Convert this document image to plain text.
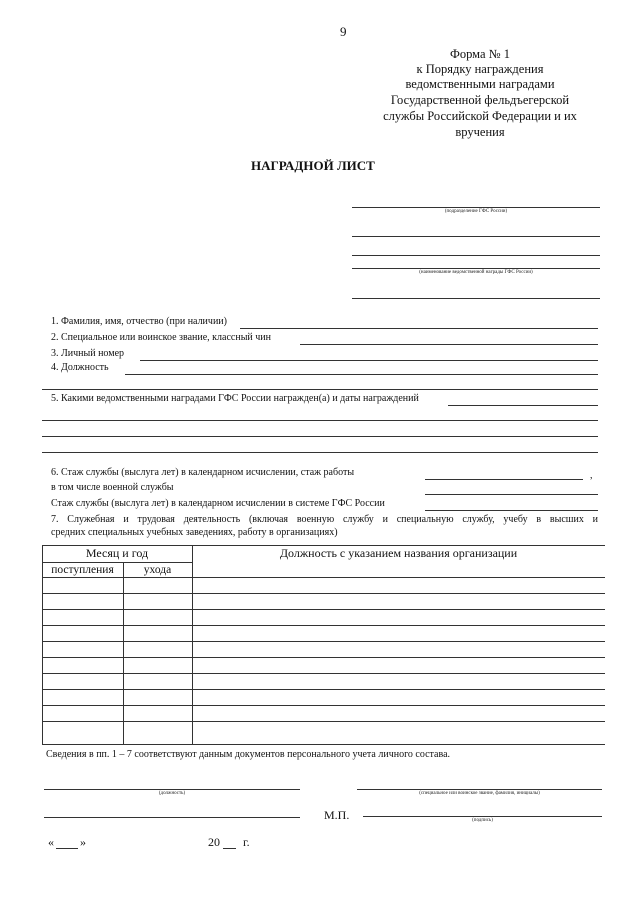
9
Форма № 1
к Порядку награждения
ведомственными наградами
Государственной фельдъегерской
службы Российской Федерации и их
вручения
НАГРАДНОЙ ЛИСТ
(подразделение ГФС России)
(наименование ведомственной награды ГФС России)
1. Фамилия, имя, отчество (при наличии)
2. Специальное или воинское звание, классный чин
3. Личный номер
4. Должность
5. Какими ведомственными наградами ГФС России награжден(а) и даты награждений
6. Стаж службы (выслуга лет) в календарном исчислении, стаж работы	,
в том числе военной службы
Стаж службы (выслуга лет) в календарном исчислении в системе ГФС России
7. Служебная и трудовая деятельность (включая военную службу и специальную службу, учебу в высших и
средних специальных учебных заведениях, работу в организациях)
Месяц и год	Должность с указанием названия организации
поступления	ухода
Сведения в пп. 1 – 7 соответствуют данным документов персонального учета личного состава.
(должность)	(специальное или воинское звание, фамилия, инициалы)
М.П.	(подпись)
« »	20 г.
